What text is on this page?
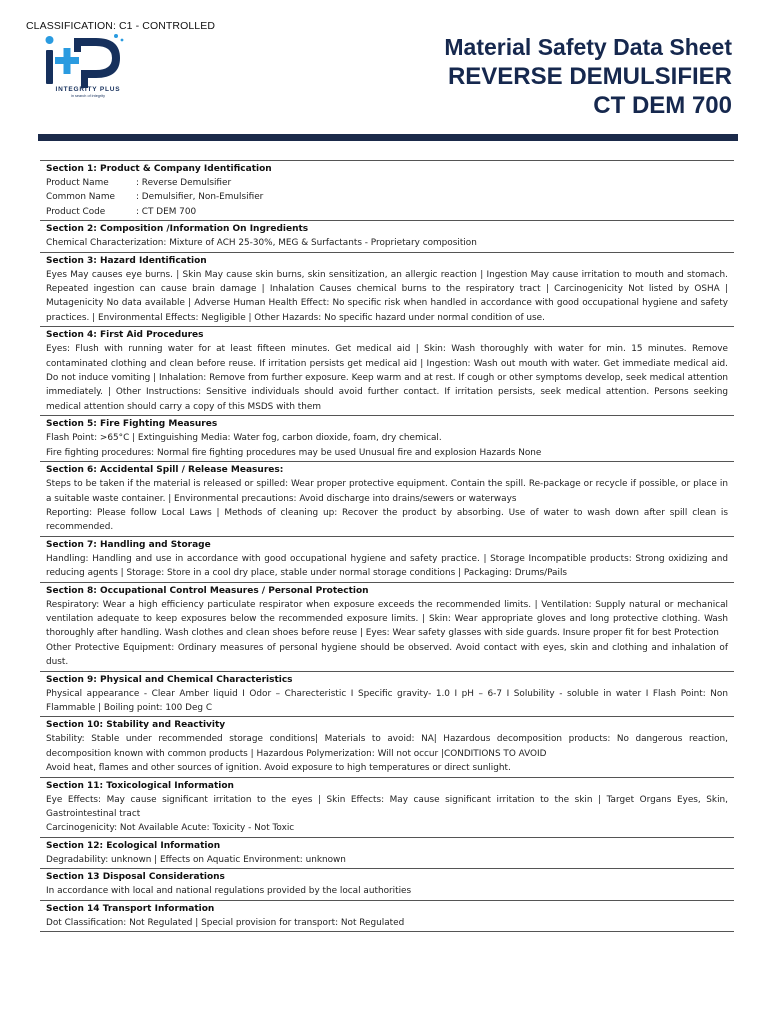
CLASSIFICATION: C1 - CONTROLLED
INTEGRITY PLUS
in search of integrity
Material Safety Data Sheet
REVERSE DEMULSIFIER
CT DEM 700
Section 1: Product & Company Identification
Product Name	: Reverse Demulsifier
Common Name	: Demulsifier, Non-Emulsifier
Product Code	: CT DEM 700
Section 2: Composition /Information On Ingredients
Chemical Characterization: Mixture of ACH 25-30%, MEG & Surfactants - Proprietary composition
Section 3: Hazard Identification
Eyes May causes eye burns. | Skin May cause skin burns, skin sensitization, an allergic reaction | Ingestion May cause irritation to mouth and stomach. Repeated ingestion can cause brain damage | Inhalation Causes chemical burns to the respiratory tract | Carcinogenicity Not listed by OSHA | Mutagenicity No data available | Adverse Human Health Effect: No specific risk when handled in accordance with good occupational hygiene and safety practices. | Environmental Effects: Negligible | Other Hazards: No specific hazard under normal condition of use.
Section 4: First Aid Procedures
Eyes: Flush with running water for at least fifteen minutes. Get medical aid | Skin: Wash thoroughly with water for min. 15 minutes. Remove contaminated clothing and clean before reuse. If irritation persists get medical aid | Ingestion: Wash out mouth with water. Get immediate medical aid. Do not induce vomiting | Inhalation: Remove from further exposure. Keep warm and at rest. If cough or other symptoms develop, seek medical attention immediately. | Other Instructions: Sensitive individuals should avoid further contact. If irritation persists, seek medical attention. Persons seeking medical attention should carry a copy of this MSDS with them
Section 5: Fire Fighting Measures
Flash Point: >65°C | Extinguishing Media: Water fog, carbon dioxide, foam, dry chemical.
Fire fighting procedures: Normal fire fighting procedures may be used Unusual fire and explosion Hazards None
Section 6: Accidental Spill / Release Measures:
Steps to be taken if the material is released or spilled: Wear proper protective equipment. Contain the spill. Re-package or recycle if possible, or place in a suitable waste container. | Environmental precautions: Avoid discharge into drains/sewers or waterways
Reporting: Please follow Local Laws | Methods of cleaning up: Recover the product by absorbing. Use of water to wash down after spill clean is recommended.
Section 7: Handling and Storage
Handling: Handling and use in accordance with good occupational hygiene and safety practice. | Storage Incompatible products: Strong oxidizing and reducing agents | Storage: Store in a cool dry place, stable under normal storage conditions | Packaging: Drums/Pails
Section 8: Occupational Control Measures / Personal Protection
Respiratory: Wear a high efficiency particulate respirator when exposure exceeds the recommended limits. | Ventilation: Supply natural or mechanical ventilation adequate to keep exposures below the recommended exposure limits. | Skin: Wear appropriate gloves and long protective clothing. Wash thoroughly after handling. Wash clothes and clean shoes before reuse | Eyes: Wear safety glasses with side guards. Insure proper fit for best Protection
Other Protective Equipment: Ordinary measures of personal hygiene should be observed. Avoid contact with eyes, skin and clothing and inhalation of dust.
Section 9: Physical and Chemical Characteristics
Physical appearance - Clear Amber liquid I Odor – Charecteristic I Specific gravity- 1.0 I pH – 6-7 I Solubility - soluble in water I Flash Point: Non Flammable | Boiling point: 100 Deg C
Section 10: Stability and Reactivity
Stability: Stable under recommended storage conditions| Materials to avoid: NA| Hazardous decomposition products: No dangerous reaction, decomposition known with common products | Hazardous Polymerization: Will not occur |CONDITIONS TO AVOID
Avoid heat, flames and other sources of ignition. Avoid exposure to high temperatures or direct sunlight.
Section 11: Toxicological Information
Eye Effects: May cause significant irritation to the eyes | Skin Effects: May cause significant irritation to the skin | Target Organs Eyes, Skin, Gastrointestinal tract
Carcinogenicity: Not Available Acute: Toxicity - Not Toxic
Section 12: Ecological Information
Degradability: unknown | Effects on Aquatic Environment: unknown
Section 13 Disposal Considerations
In accordance with local and national regulations provided by the local authorities
Section 14 Transport Information
Dot Classification: Not Regulated | Special provision for transport: Not Regulated
